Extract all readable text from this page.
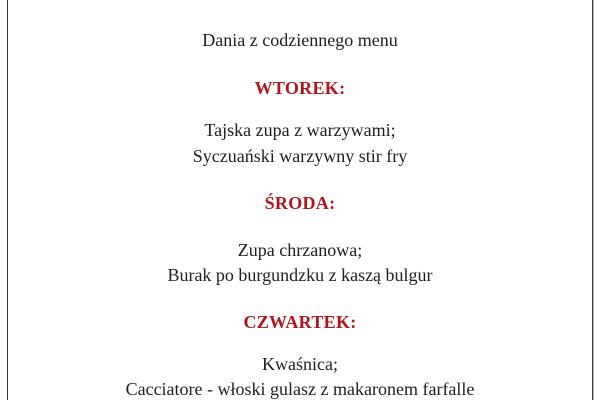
Dania z codziennego menu
WTOREK:
Tajska zupa z warzywami;
Syczuański warzywny stir fry
ŚRODA:
Zupa chrzanowa;
Burak po burgundzku z kaszą bulgur
CZWARTEK:
Kwaśnica;
Cacciatore - włoski gulasz z makaronem farfalle
